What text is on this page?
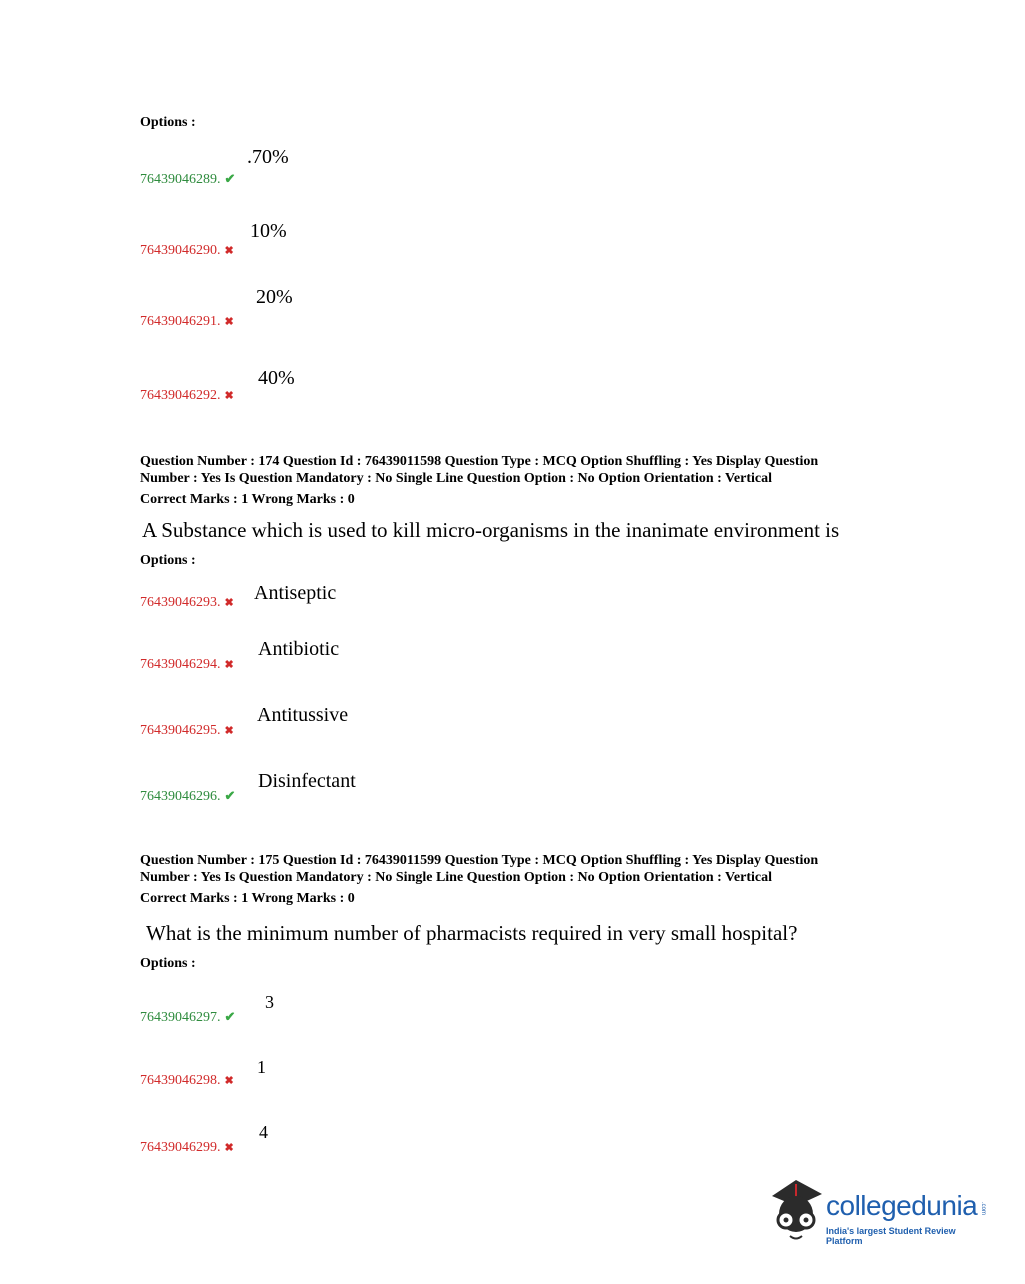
Options :
.70%
76439046289. ✔
10%
76439046290. ✖
20%
76439046291. ✖
40%
76439046292. ✖
Question Number : 174 Question Id : 76439011598 Question Type : MCQ Option Shuffling : Yes Display Question
Number : Yes Is Question Mandatory : No Single Line Question Option : No Option Orientation : Vertical
Correct Marks : 1 Wrong Marks : 0
A Substance which is used to kill micro-organisms in the inanimate environment is
Options :
Antiseptic
76439046293. ✖
Antibiotic
76439046294. ✖
Antitussive
76439046295. ✖
Disinfectant
76439046296. ✔
Question Number : 175 Question Id : 76439011599 Question Type : MCQ Option Shuffling : Yes Display Question
Number : Yes Is Question Mandatory : No Single Line Question Option : No Option Orientation : Vertical
Correct Marks : 1 Wrong Marks : 0
What is the minimum number of pharmacists required in very small hospital?
Options :
3
76439046297. ✔
1
76439046298. ✖
4
76439046299. ✖
collegedunia .com
India's largest Student Review Platform
